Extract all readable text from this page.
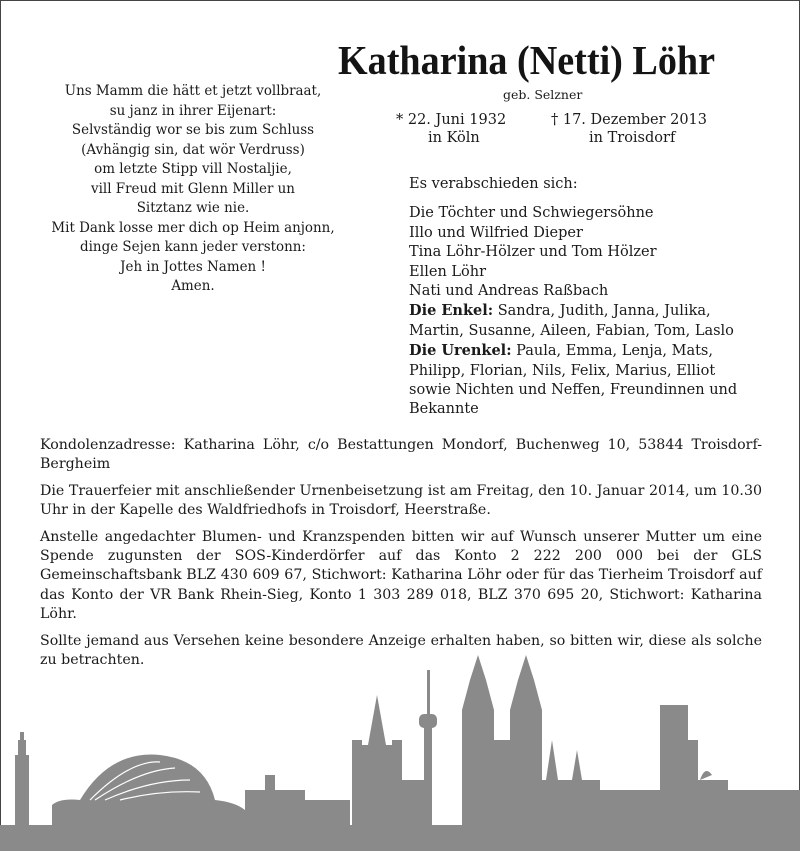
Katharina (Netti) Löhr
Uns Mamm die hätt et jetzt vollbraat,
su janz in ihrer Eijenart:
Selvständig wor se bis zum Schluss
(Avhängig sin, dat wör Verdruss)
om letzte Stipp vill Nostaljie,
vill Freud mit Glenn Miller un
Sitztanz wie nie.
Mit Dank losse mer dich op Heim anjonn,
dinge Sejen kann jeder verstonn:
Jeh in Jottes Namen !
Amen.
geb. Selzner
* 22. Juni 1932	† 17. Dezember 2013
in Köln	in Troisdorf
Es verabschieden sich:
Die Töchter und Schwiegersöhne
Illo und Wilfried Dieper
Tina Löhr-Hölzer und Tom Hölzer
Ellen Löhr
Nati und Andreas Raßbach
Die Enkel: Sandra, Judith, Janna, Julika, Martin, Susanne, Aileen, Fabian, Tom, Laslo
Die Urenkel: Paula, Emma, Lenja, Mats, Philipp, Florian, Nils, Felix, Marius, Elliot
sowie Nichten und Neffen, Freundinnen und Bekannte

Kondolenzadresse: Katharina Löhr, c/o Bestattungen Mondorf, Buchenweg 10, 53844 Troisdorf-Bergheim

Die Trauerfeier mit anschließender Urnenbeisetzung ist am Freitag, den 10. Januar 2014, um 10.30 Uhr in der Kapelle des Waldfriedhofs in Troisdorf, Heerstraße.

Anstelle angedachter Blumen- und Kranzspenden bitten wir auf Wunsch unserer Mutter um eine Spende zugunsten der SOS-Kinderdörfer auf das Konto 2 222 200 000 bei der GLS Gemeinschaftsbank BLZ 430 609 67, Stichwort: Katharina Löhr oder für das Tierheim Troisdorf auf das Konto der VR Bank Rhein-Sieg, Konto 1 303 289 018, BLZ 370 695 20, Stichwort: Katharina Löhr.

Sollte jemand aus Versehen keine besondere Anzeige erhalten haben, so bitten wir, diese als solche zu betrachten.
